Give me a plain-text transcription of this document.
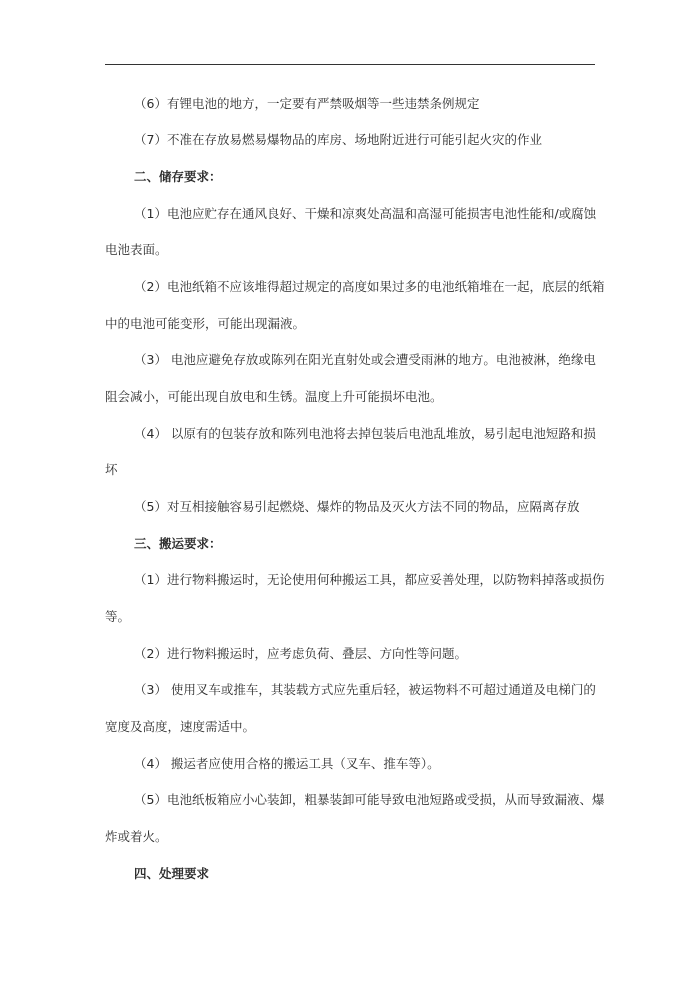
（6）有锂电池的地方，一定要有严禁吸烟等一些违禁条例规定
（7）不准在存放易燃易爆物品的库房、场地附近进行可能引起火灾的作业
二、储存要求：
（1）电池应贮存在通风良好、干燥和凉爽处高温和高湿可能损害电池性能和/或腐蚀
电池表面。
（2）电池纸箱不应该堆得超过规定的高度如果过多的电池纸箱堆在一起，底层的纸箱
中的电池可能变形，可能出现漏液。
（3） 电池应避免存放或陈列在阳光直射处或会遭受雨淋的地方。电池被淋，绝缘电
阻会减小，可能出现自放电和生锈。温度上升可能损坏电池。
（4） 以原有的包装存放和陈列电池将去掉包装后电池乱堆放，易引起电池短路和损
坏
（5）对互相接触容易引起燃烧、爆炸的物品及灭火方法不同的物品，应隔离存放
三、搬运要求：
（1）进行物料搬运时，无论使用何种搬运工具，都应妥善处理，以防物料掉落或损伤
等。
（2）进行物料搬运时，应考虑负荷、叠层、方向性等问题。
（3） 使用叉车或推车，其装载方式应先重后轻，被运物料不可超过通道及电梯门的
宽度及高度，速度需适中。
（4） 搬运者应使用合格的搬运工具（叉车、推车等）。
（5）电池纸板箱应小心装卸，粗暴装卸可能导致电池短路或受损，从而导致漏液、爆
炸或着火。
四、处理要求
